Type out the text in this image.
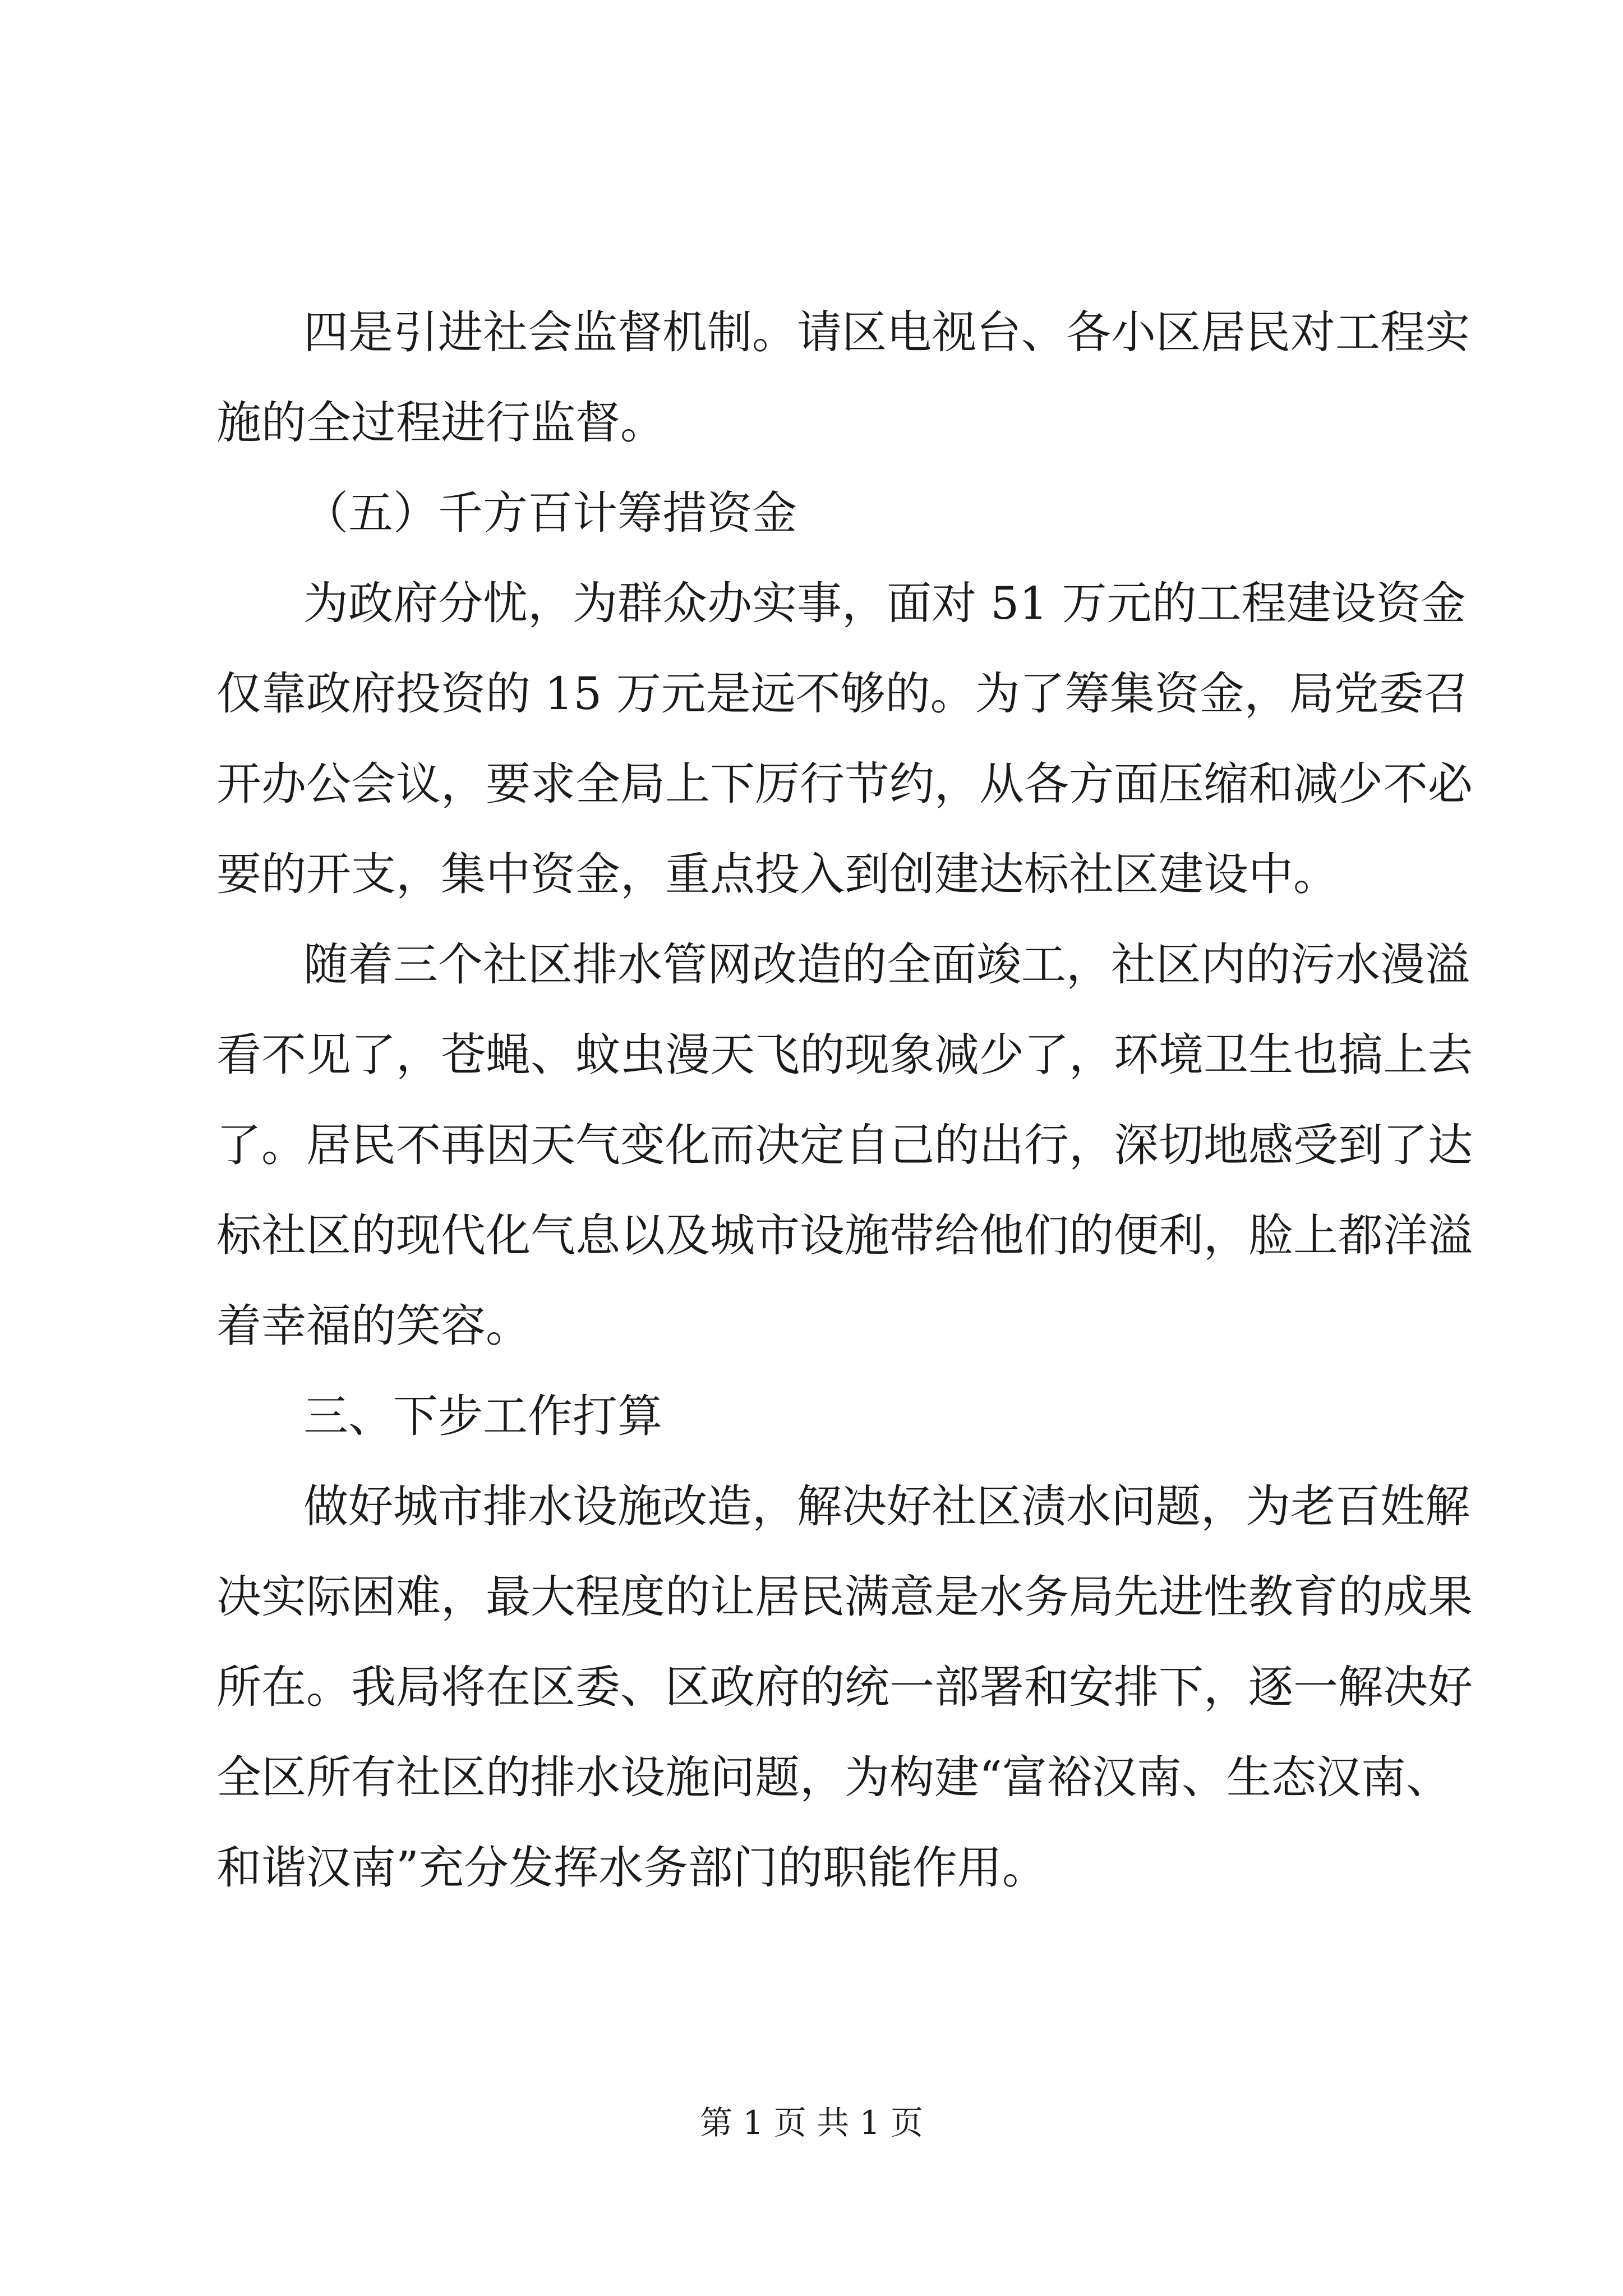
四是引进社会监督机制。请区电视台、各小区居民对工程实
施的全过程进行监督。
（五）千方百计筹措资金
为政府分忧，为群众办实事，面对 51 万元的工程建设资金
仅靠政府投资的 15 万元是远不够的。为了筹集资金，局党委召
开办公会议，要求全局上下厉行节约，从各方面压缩和减少不必
要的开支，集中资金，重点投入到创建达标社区建设中。
随着三个社区排水管网改造的全面竣工，社区内的污水漫溢
看不见了，苍蝇、蚊虫漫天飞的现象减少了，环境卫生也搞上去
了。居民不再因天气变化而决定自己的出行，深切地感受到了达
标社区的现代化气息以及城市设施带给他们的便利，脸上都洋溢
着幸福的笑容。
三、下步工作打算
做好城市排水设施改造，解决好社区渍水问题，为老百姓解
决实际困难，最大程度的让居民满意是水务局先进性教育的成果
所在。我局将在区委、区政府的统一部署和安排下，逐一解决好
全区所有社区的排水设施问题，为构建“富裕汉南、生态汉南、
和谐汉南”充分发挥水务部门的职能作用。
第 1 页 共 1 页
